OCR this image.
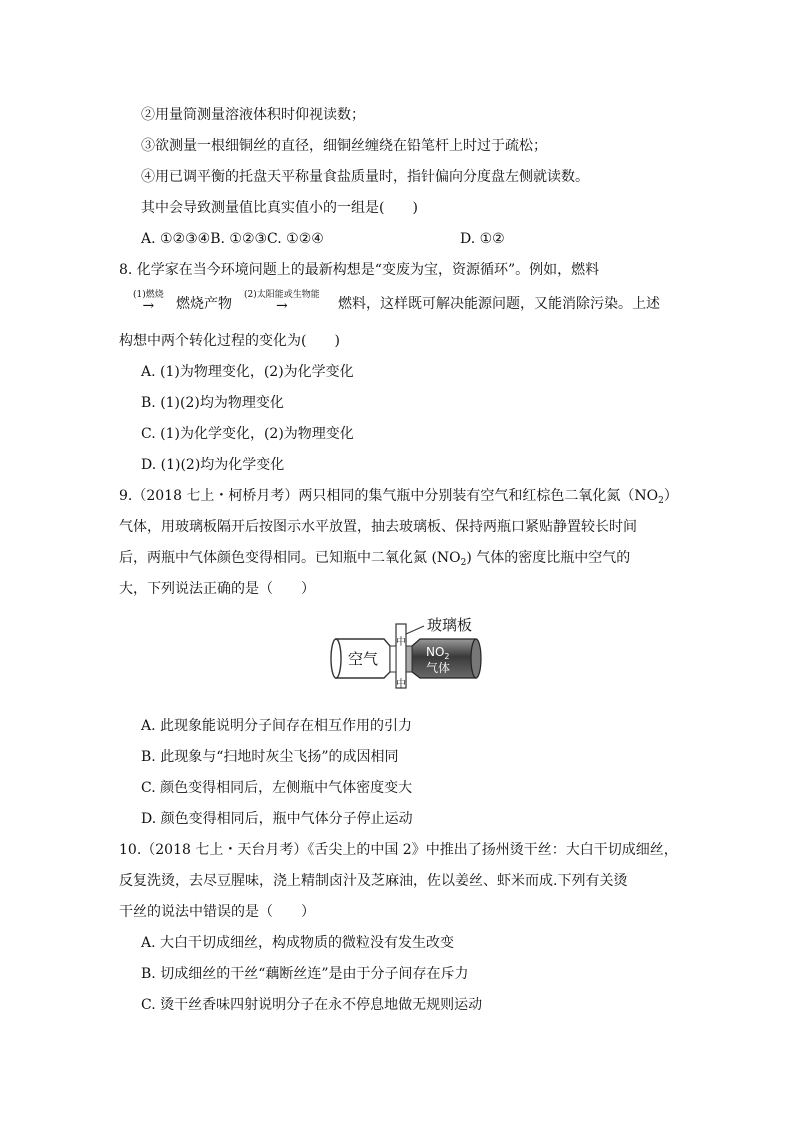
②用量筒测量溶液体积时仰视读数；
③欲测量一根细铜丝的直径，细铜丝缠绕在铅笔杆上时过于疏松；
④用已调平衡的托盘天平称量食盐质量时，指针偏向分度盘左侧就读数。
其中会导致测量值比真实值小的一组是(　　)
A. ①②③④B. ①②③C. ①②④	D. ①②
8. 化学家在当今环境问题上的最新构想是“变废为宝，资源循环”。例如，燃料
(1)燃烧
→	燃烧产物
(2)太阳能或生物能
→	燃料，这样既可解决能源问题，又能消除污染。上述
构想中两个转化过程的变化为(　　)
A. (1)为物理变化，(2)为化学变化
B. (1)(2)均为物理变化
C. (1)为化学变化，(2)为物理变化
D. (1)(2)均为化学变化
9.（2018 七上・柯桥月考）两只相同的集气瓶中分别装有空气和红棕色二氧化氮$(NO_2)$
气体，用玻璃板隔开后按图示水平放置，抽去玻璃板、保持两瓶口紧贴静置较长时间
后，两瓶中气体颜色变得相同。已知瓶中二氧化氮 $(NO_2)$ 气体的密度比瓶中空气的
大，下列说法正确的是（　　）
玻璃板
空气	$NO_2$
气体
中
中
A. 此现象能说明分子间存在相互作用的引力
B. 此现象与“扫地时灰尘飞扬”的成因相同
C. 颜色变得相同后，左侧瓶中气体密度变大
D. 颜色变得相同后，瓶中气体分子停止运动
10.（2018 七上・天台月考）《舌尖上的中国 2》中推出了扬州烫干丝：大白干切成细丝，
反复洗烫，去尽豆腥味，浇上精制卤汁及芝麻油，佐以姜丝、虾米而成.下列有关烫
干丝的说法中错误的是（　　）
A. 大白干切成细丝，构成物质的微粒没有发生改变
B. 切成细丝的干丝“藕断丝连”是由于分子间存在斥力
C. 烫干丝香味四射说明分子在永不停息地做无规则运动
